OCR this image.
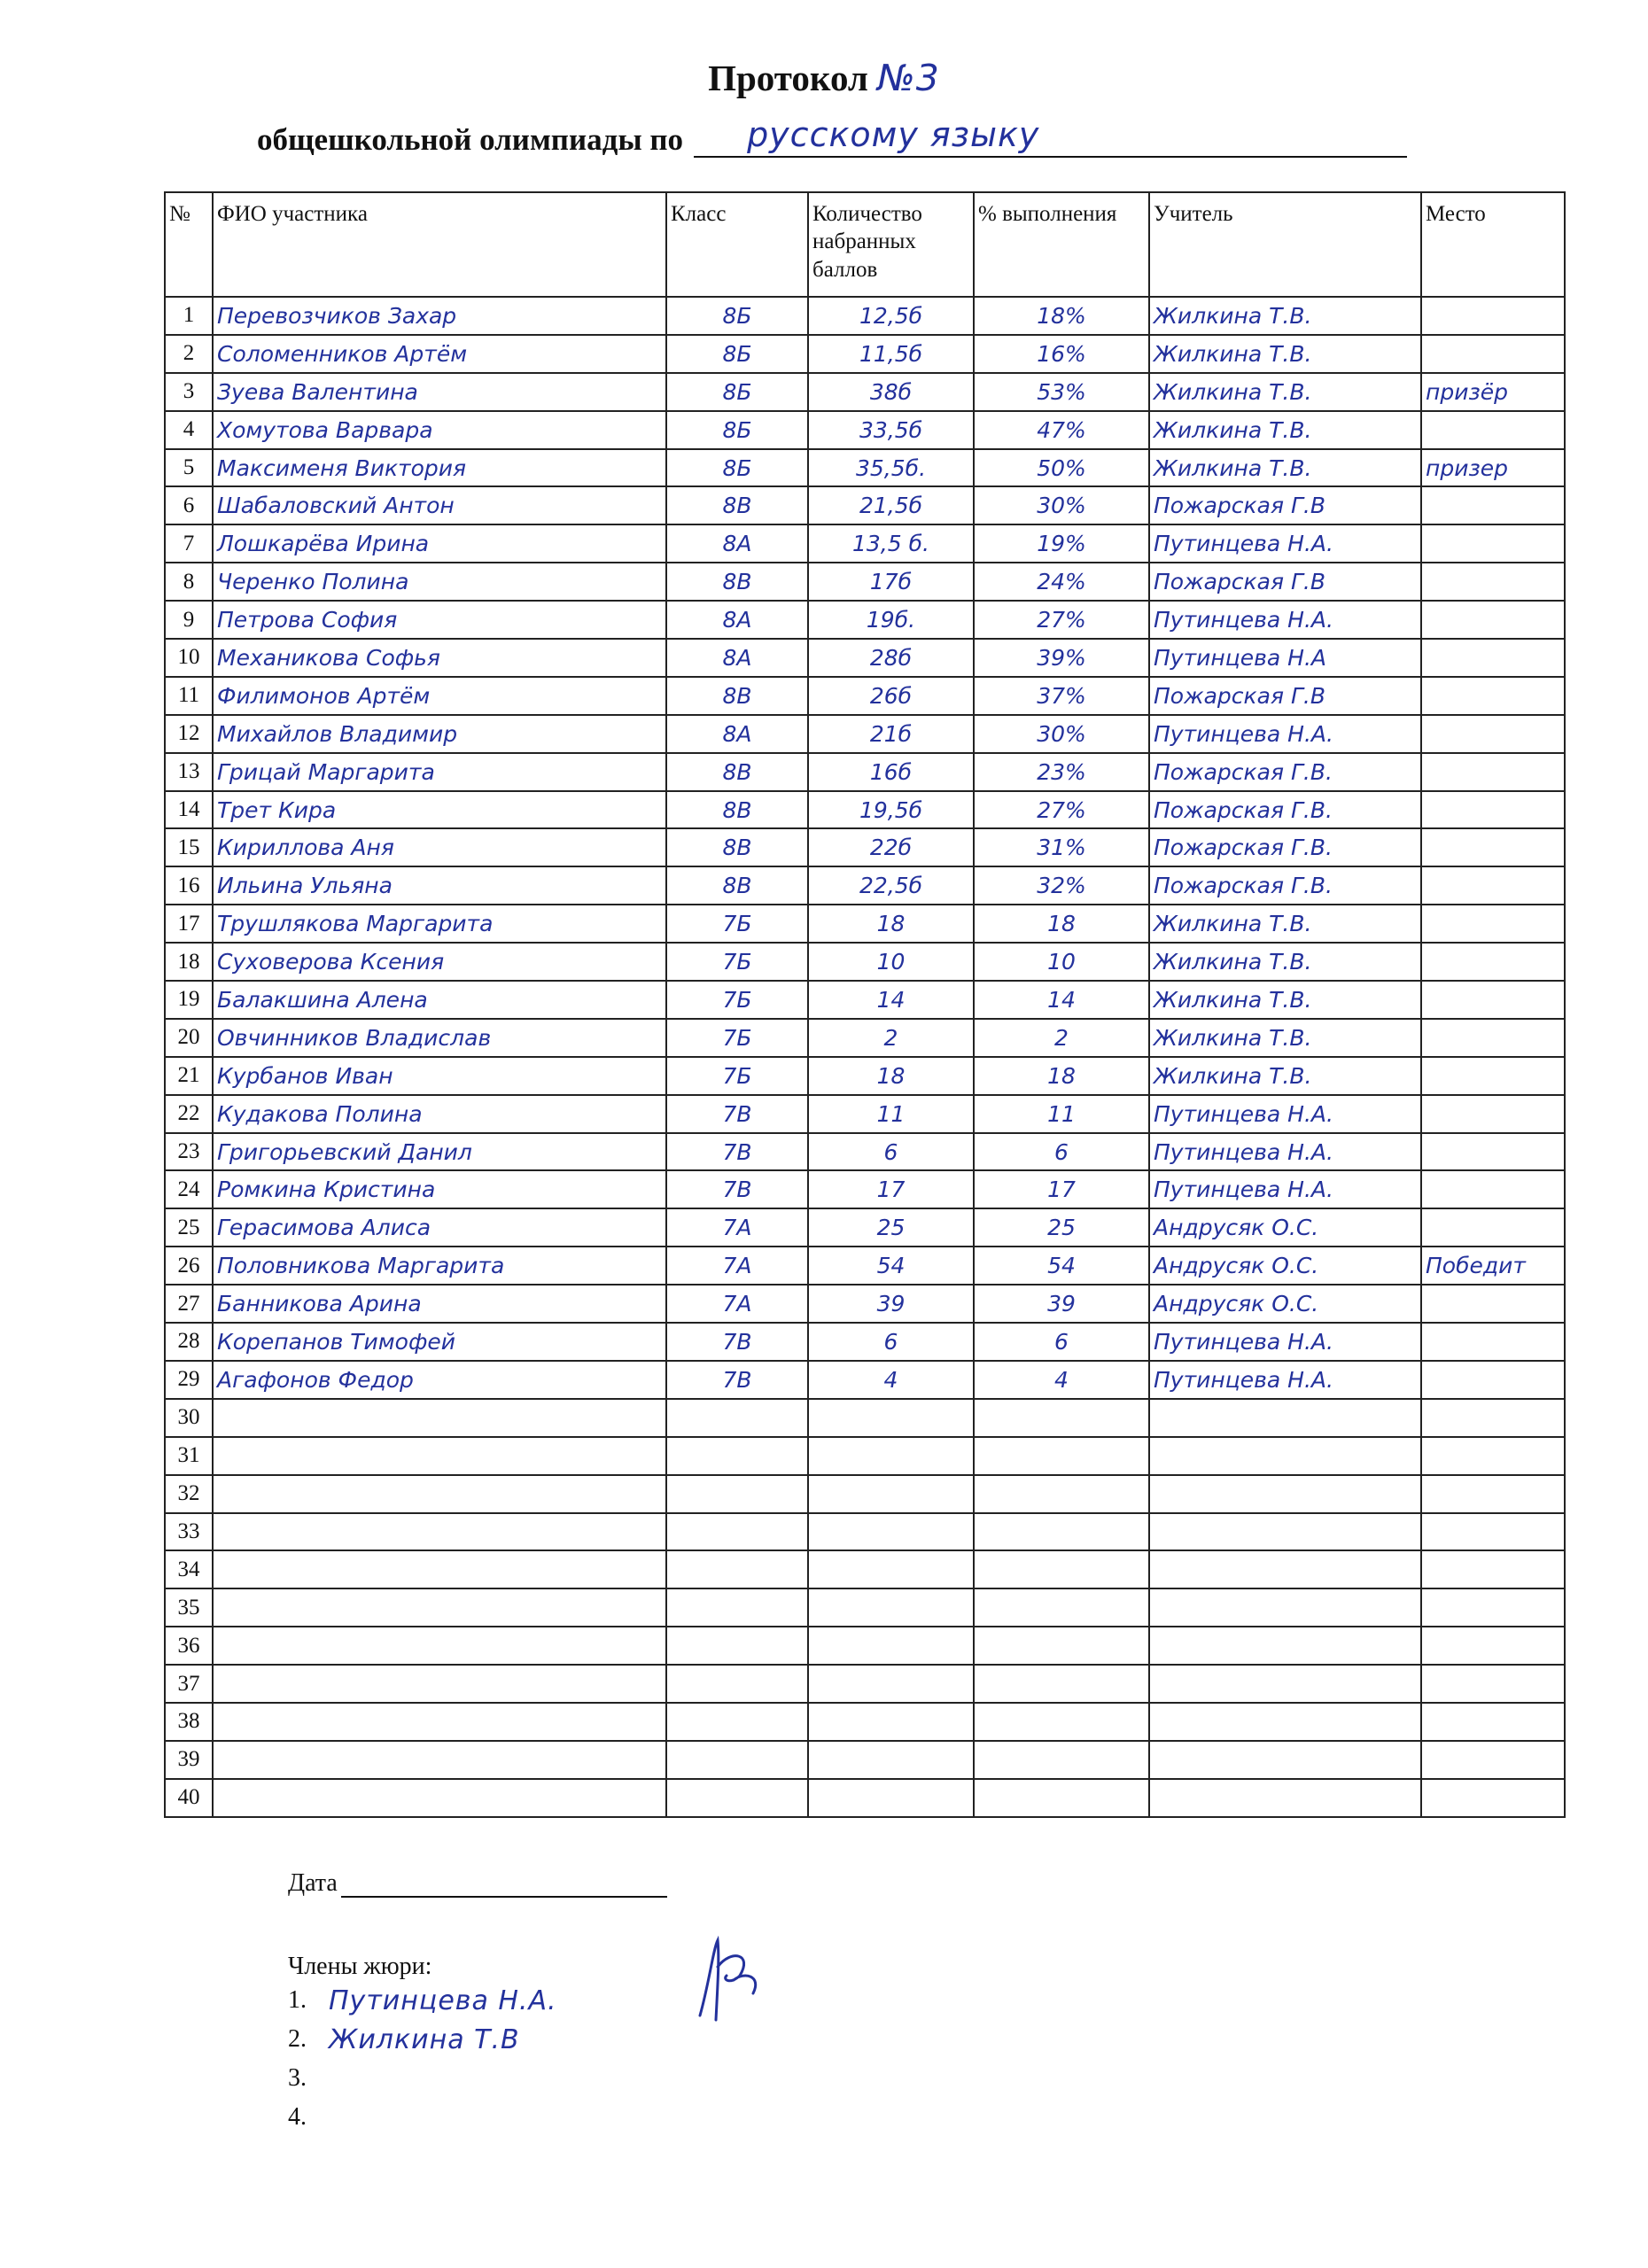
Протокол №3
общешкольной олимпиады по русскому языку
№	ФИО участника	Класс	Количество набранных баллов	% выполнения	Учитель	Место
1	Перевозчиков Захар	8Б	12,5б	18%	Жилкина Т.В.	
2	Соломенников Артём	8Б	11,5б	16%	Жилкина Т.В.	
3	Зуева Валентина	8Б	38б	53%	Жилкина Т.В.	призёр
4	Хомутова Варвара	8Б	33,5б	47%	Жилкина Т.В.	
5	Максименя Виктория	8Б	35,5б.	50%	Жилкина Т.В.	призер
6	Шабаловский Антон	8В	21,5б	30%	Пожарская Г.В	
7	Лошкарёва Ирина	8А	13,5 б.	19%	Путинцева Н.А.	
8	Черенко Полина	8В	17б	24%	Пожарская Г.В	
9	Петрова София	8А	19б.	27%	Путинцева Н.А.	
10	Механикова Софья	8А	28б	39%	Путинцева Н.А	
11	Филимонов Артём	8В	26б	37%	Пожарская Г.В	
12	Михайлов Владимир	8А	21б	30%	Путинцева Н.А.	
13	Грицай Маргарита	8В	16б	23%	Пожарская Г.В.	
14	Трет Кира	8В	19,5б	27%	Пожарская Г.В.	
15	Кириллова Аня	8В	22б	31%	Пожарская Г.В.	
16	Ильина Ульяна	8В	22,5б	32%	Пожарская Г.В.	
17	Трушлякова Маргарита	7Б	18	18	Жилкина Т.В.	
18	Суховерова Ксения	7Б	10	10	Жилкина Т.В.	
19	Балакшина Алена	7Б	14	14	Жилкина Т.В.	
20	Овчинников Владислав	7Б	2	2	Жилкина Т.В.	
21	Курбанов Иван	7Б	18	18	Жилкина Т.В.	
22	Кудакова Полина	7В	11	11	Путинцева Н.А.	
23	Григорьевский Данил	7В	6	6	Путинцева Н.А.	
24	Ромкина Кристина	7В	17	17	Путинцева Н.А.	
25	Герасимова Алиса	7А	25	25	Андрусяк О.С.	
26	Половникова Маргарита	7А	54	54	Андрусяк О.С.	Победит
27	Банникова Арина	7А	39	39	Андрусяк О.С.	
28	Корепанов Тимофей	7В	6	6	Путинцева Н.А.	
29	Агафонов Федор	7В	4	4	Путинцева Н.А.	
30						
31						
32						
33						
34						
35						
36						
37						
38						
39						
40						
Дата
Члены жюри:
1. Путинцева Н.А.
2. Жилкина Т.В
3.
4.
